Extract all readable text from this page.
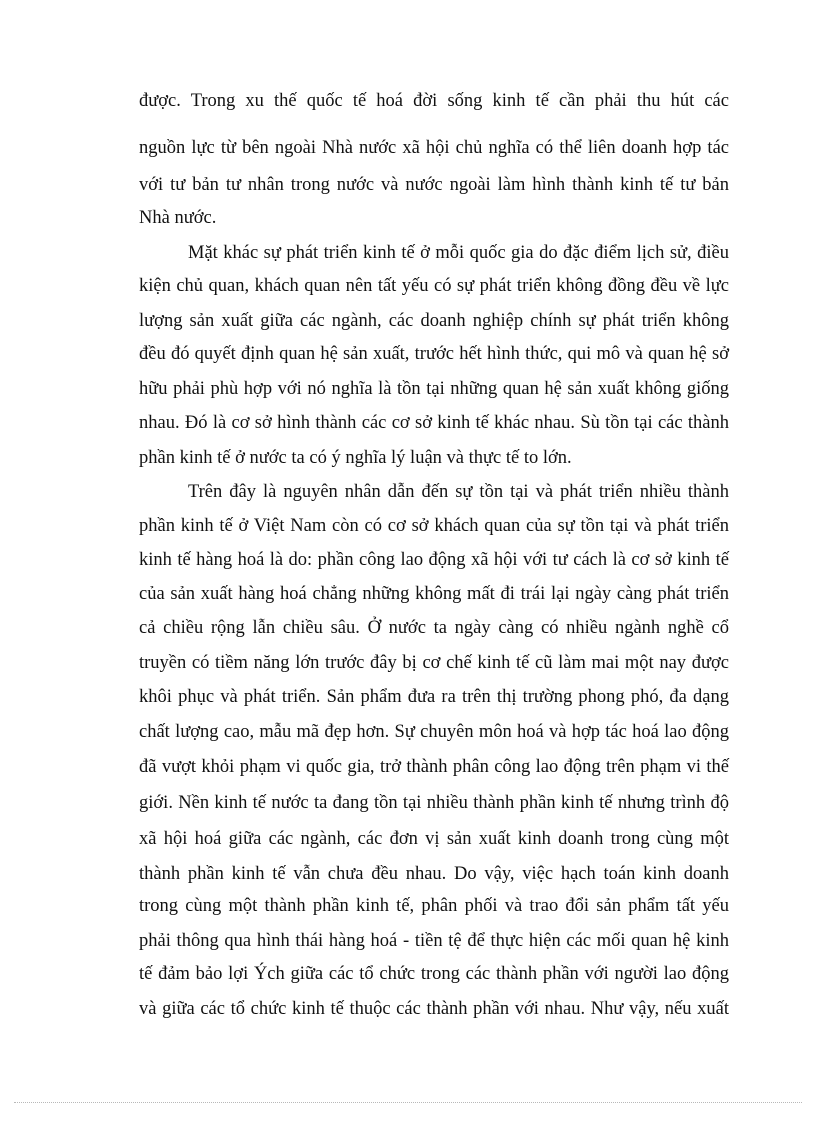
được. Trong xu thế quốc tế hoá đời sống kinh tế cần phải thu hút các
nguồn lực từ bên ngoài Nhà nước xã hội chủ nghĩa có thể liên doanh hợp tác
với tư bản tư nhân trong nước và nước ngoài làm hình thành kinh tế tư bản
Nhà nước.
Mặt khác sự phát triển kinh tế ở mỗi quốc gia do đặc điểm lịch sử, điều
kiện chủ quan, khách quan nên tất yếu có sự phát triển không đồng đều về lực
lượng sản xuất giữa các ngành, các doanh nghiệp chính sự phát triển không
đều đó quyết định quan hệ sản xuất, trước hết hình thức, qui mô và quan hệ sở
hữu phải phù hợp với nó nghĩa là tồn tại những quan hệ sản xuất không giống
nhau. Đó là cơ sở hình thành các cơ sở kinh tế khác nhau. Sù tồn tại các thành
phần kinh tế ở nước ta có ý nghĩa lý luận và thực tế to lớn.
Trên đây là nguyên nhân dẫn đến sự tồn tại và phát triển nhiều thành
phần kinh tế ở Việt Nam còn có cơ sở khách quan của sự tồn tại và phát triển
kinh tế hàng hoá là do: phần công lao động xã hội với tư cách là cơ sở kinh tế
của sản xuất hàng hoá chẳng những không mất đi trái lại ngày càng phát triển
cả chiều rộng lẫn chiều sâu. Ở nước ta ngày càng có nhiều ngành nghề cổ
truyền có tiềm năng lớn trước đây bị cơ chế kinh tế cũ làm mai một nay được
khôi phục và phát triển. Sản phẩm đưa ra trên thị trường phong phó, đa dạng
chất lượng cao, mẫu mã đẹp hơn. Sự chuyên môn hoá và hợp tác hoá lao động
đã vượt khỏi phạm vi quốc gia, trở thành phân công lao động trên phạm vi thế
giới. Nền kinh tế nước ta đang tồn tại nhiều thành phần kinh tế nhưng trình độ
xã hội hoá giữa các ngành, các đơn vị sản xuất kinh doanh trong cùng một
thành phần kinh tế vẫn chưa đều nhau. Do vậy, việc hạch toán kinh doanh
trong cùng một thành phần kinh tế, phân phối và trao đổi sản phẩm tất yếu
phải thông qua hình thái hàng hoá - tiền tệ để thực hiện các mối quan hệ kinh
tế đảm bảo lợi Ých giữa các tổ chức trong các thành phần với người lao động
và giữa các tổ chức kinh tế thuộc các thành phần với nhau. Như vậy, nếu xuất
